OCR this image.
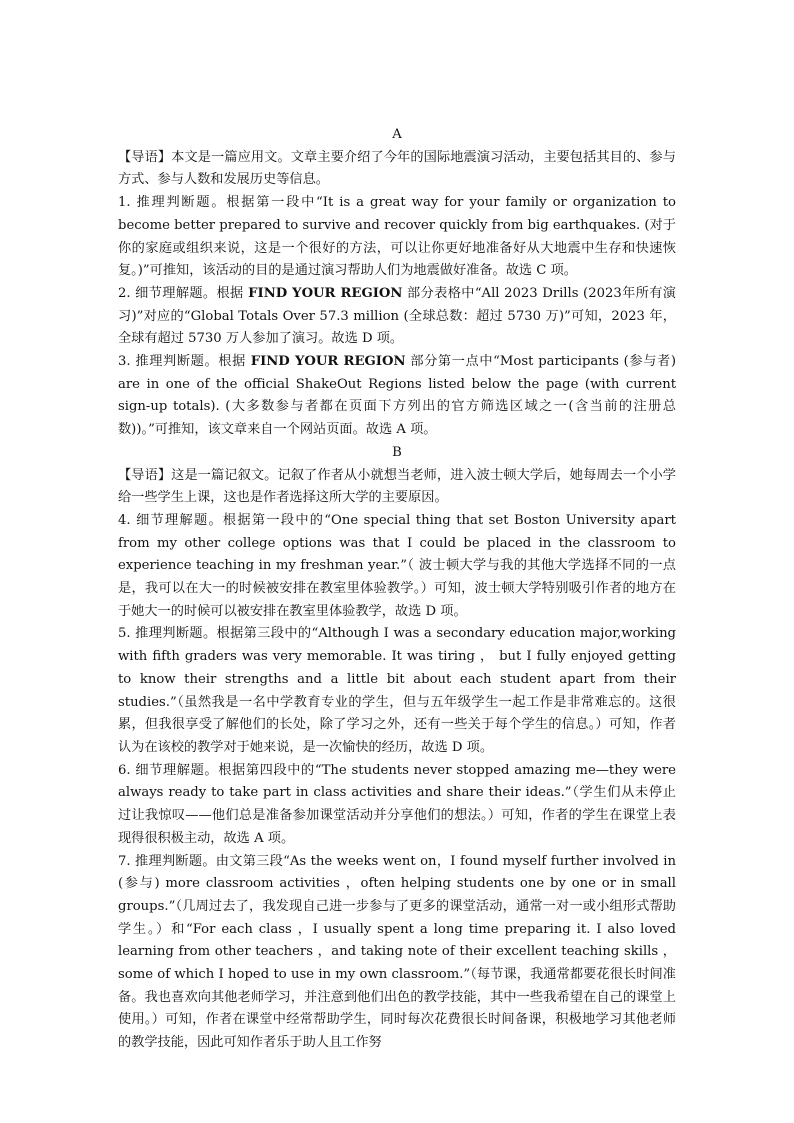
A

【导语】本文是一篇应用文。文章主要介绍了今年的国际地震演习活动，主要包括其目的、参与方式、参与人数和发展历史等信息。

1. 推理判断题。根据第一段中“It is a great way for your family or organization to become better prepared to survive and recover quickly from big earthquakes. (对于你的家庭或组织来说，这是一个很好的方法，可以让你更好地准备好从大地震中生存和快速恢复。)”可推知，该活动的目的是通过演习帮助人们为地震做好准备。故选 C 项。

2. 细节理解题。根据 FIND YOUR REGION 部分表格中“All 2023 Drills (2023年所有演习)”对应的“Global Totals Over 57.3 million (全球总数：超过 5730 万)”可知，2023 年，全球有超过 5730 万人参加了演习。故选 D 项。

3. 推理判断题。根据 FIND YOUR REGION 部分第一点中“Most participants (参与者) are in one of the official ShakeOut Regions listed below the page (with current sign-up totals). (大多数参与者都在页面下方列出的官方筛选区域之一(含当前的注册总数))。”可推知，该文章来自一个网站页面。故选 A 项。

B

【导语】这是一篇记叙文。记叙了作者从小就想当老师，进入波士顿大学后，她每周去一个小学给一些学生上课，这也是作者选择这所大学的主要原因。

4. 细节理解题。根据第一段中的“One special thing that set Boston University apart from my other college options was that I could be placed in the classroom to experience teaching in my freshman year.”（ 波士顿大学与我的其他大学选择不同的一点是，我可以在大一的时候被安排在教室里体验教学。）可知，波士顿大学特别吸引作者的地方在于她大一的时候可以被安排在教室里体验教学，故选 D 项。

5. 推理判断题。根据第三段中的“Although I was a secondary education major,working with fifth graders was very memorable. It was tiring ， but I fully enjoyed getting to know their strengths and a little bit about each student apart from their studies.”（虽然我是一名中学教育专业的学生，但与五年级学生一起工作是非常难忘的。这很累，但我很享受了解他们的长处，除了学习之外，还有一些关于每个学生的信息。）可知，作者认为在该校的教学对于她来说，是一次愉快的经历，故选 D 项。

6. 细节理解题。根据第四段中的“The students never stopped amazing me—they were always ready to take part in class activities and share their ideas.”（学生们从未停止过让我惊叹——他们总是准备参加课堂活动并分享他们的想法。）可知，作者的学生在课堂上表现得很积极主动，故选 A 项。

7. 推理判断题。由文第三段“As the weeks went on，I found myself further involved in (参与) more classroom activities ，often helping students one by one or in small groups.”（几周过去了，我发现自己进一步参与了更多的课堂活动，通常一对一或小组形式帮助学生。）和“For each class ，I usually spent a long time preparing it. I also loved learning from other teachers ，and taking note of their excellent teaching skills ，some of which I hoped to use in my own classroom.”（每节课，我通常都要花很长时间准备。我也喜欢向其他老师学习，并注意到他们出色的教学技能，其中一些我希望在自己的课堂上使用。）可知，作者在课堂中经常帮助学生，同时每次花费很长时间备课，积极地学习其他老师的教学技能，因此可知作者乐于助人且工作努
